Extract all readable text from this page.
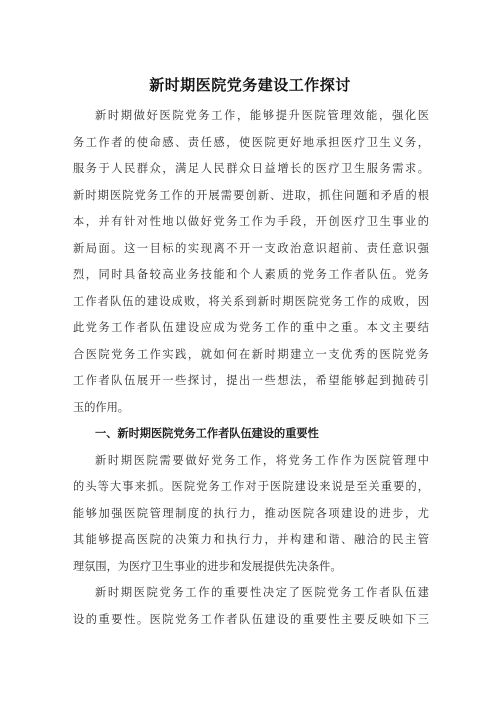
新时期医院党务建设工作探讨
新时期做好医院党务工作，能够提升医院管理效能，强化医
务工作者的使命感、责任感，使医院更好地承担医疗卫生义务，
服务于人民群众，满足人民群众日益增长的医疗卫生服务需求。
新时期医院党务工作的开展需要创新、进取，抓住问题和矛盾的根
本，并有针对性地以做好党务工作为手段，开创医疗卫生事业的
新局面。这一目标的实现离不开一支政治意识超前、责任意识强
烈，同时具备较高业务技能和个人素质的党务工作者队伍。党务
工作者队伍的建设成败，将关系到新时期医院党务工作的成败，因
此党务工作者队伍建设应成为党务工作的重中之重。本文主要结
合医院党务工作实践，就如何在新时期建立一支优秀的医院党务
工作者队伍展开一些探讨，提出一些想法，希望能够起到抛砖引
玉的作用。
一、新时期医院党务工作者队伍建设的重要性
新时期医院需要做好党务工作，将党务工作作为医院管理中
的头等大事来抓。医院党务工作对于医院建设来说是至关重要的，
能够加强医院管理制度的执行力，推动医院各项建设的进步，尤
其能够提高医院的决策力和执行力，并构建和谐、融洽的民主管
理氛围，为医疗卫生事业的进步和发展提供先决条件。
新时期医院党务工作的重要性决定了医院党务工作者队伍建
设的重要性。医院党务工作者队伍建设的重要性主要反映如下三
